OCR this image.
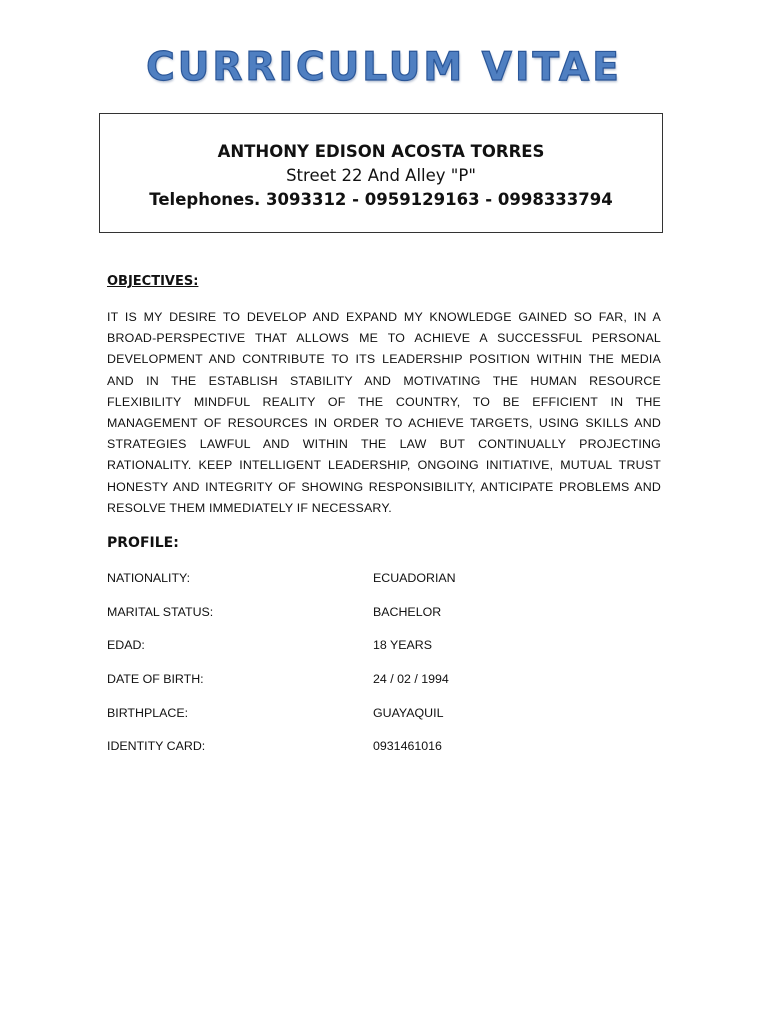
CURRICULUM VITAE
ANTHONY EDISON ACOSTA TORRES
Street 22 And Alley "P"
Telephones. 3093312 - 0959129163 - 0998333794
OBJECTIVES:
IT IS MY DESIRE TO DEVELOP AND EXPAND MY KNOWLEDGE GAINED SO FAR, IN A BROAD-PERSPECTIVE THAT ALLOWS ME TO ACHIEVE A SUCCESSFUL PERSONAL DEVELOPMENT AND CONTRIBUTE TO ITS LEADERSHIP POSITION WITHIN THE MEDIA AND IN THE ESTABLISH STABILITY AND MOTIVATING THE HUMAN RESOURCE FLEXIBILITY MINDFUL REALITY OF THE COUNTRY, TO BE EFFICIENT IN THE MANAGEMENT OF RESOURCES IN ORDER TO ACHIEVE TARGETS, USING SKILLS AND STRATEGIES LAWFUL AND WITHIN THE LAW BUT CONTINUALLY PROJECTING RATIONALITY. KEEP INTELLIGENT LEADERSHIP, ONGOING INITIATIVE, MUTUAL TRUST HONESTY AND INTEGRITY OF SHOWING RESPONSIBILITY, ANTICIPATE PROBLEMS AND RESOLVE THEM IMMEDIATELY IF NECESSARY.
PROFILE:
NATIONALITY:	ECUADORIAN
MARITAL STATUS:	BACHELOR
EDAD:	18 YEARS
DATE OF BIRTH:	24 / 02 / 1994
BIRTHPLACE:	GUAYAQUIL
IDENTITY CARD:	0931461016
